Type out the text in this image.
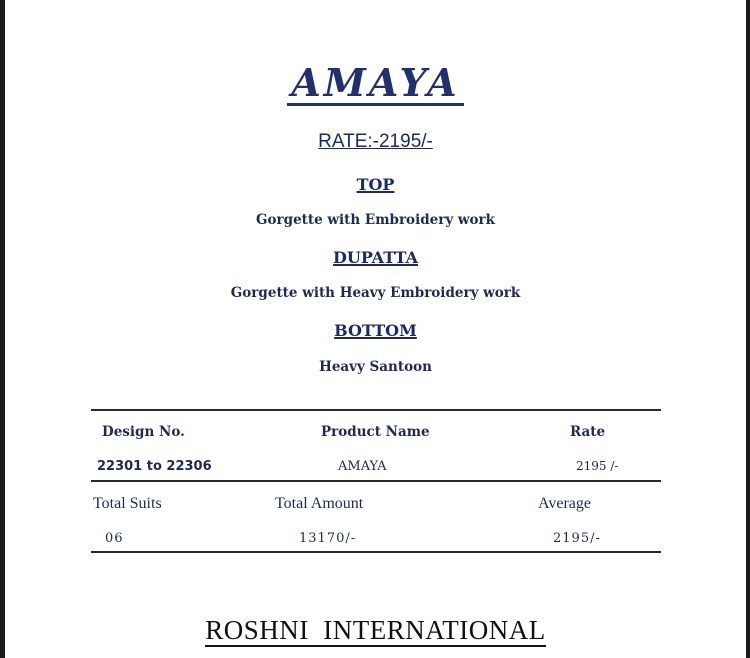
AMAYA
RATE:-2195/-
TOP
Gorgette with Embroidery work
DUPATTA
Gorgette with Heavy Embroidery work
BOTTOM
Heavy Santoon
Design No.	Product Name	Rate
22301 to 22306	AMAYA	2195 /-
Total Suits	Total Amount	Average
06	13170/-	2195/-
ROSHNI  INTERNATIONAL
